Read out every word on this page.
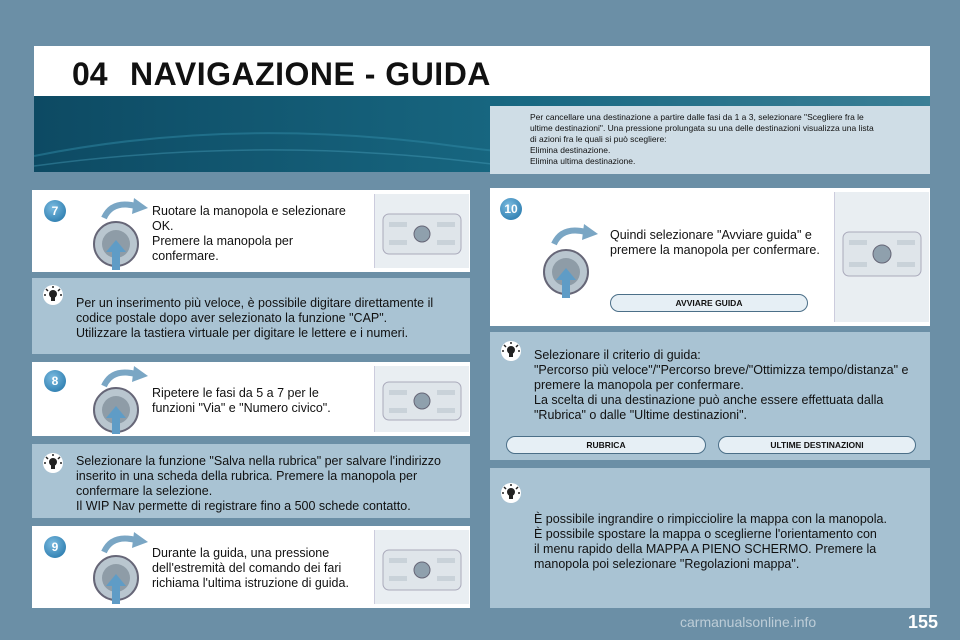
04 NAVIGAZIONE - GUIDA
Per cancellare una destinazione a partire dalle fasi da 1 a 3, selezionare "Scegliere fra le
ultime destinazioni". Una pressione prolungata su una delle destinazioni visualizza una lista
di azioni fra le quali si può scegliere:
Elimina destinazione.
Elimina ultima destinazione.
7	Ruotare la manopola e selezionare
OK.
Premere la manopola per
confermare.
Per un inserimento più veloce, è possibile digitare direttamente il
codice postale dopo aver selezionato la funzione "CAP".
Utilizzare la tastiera virtuale per digitare le lettere e i numeri.
8
Ripetere le fasi da 5 a 7 per le
funzioni "Via" e "Numero civico".
Selezionare la funzione "Salva nella rubrica" per salvare l'indirizzo
inserito in una scheda della rubrica. Premere la manopola per
confermare la selezione.
Il WIP Nav permette di registrare fino a 500 schede contatto.
9	Durante la guida, una pressione
dell'estremità del comando dei fari
richiama l'ultima istruzione di guida.
10
Quindi selezionare "Avviare guida" e
premere la manopola per confermare.
AVVIARE GUIDA
Selezionare il criterio di guida:
"Percorso più veloce"/"Percorso breve/"Ottimizza tempo/distanza" e
premere la manopola per confermare.
La scelta di una destinazione può anche essere effettuata dalla
"Rubrica" o dalle "Ultime destinazioni".
RUBRICA	ULTIME DESTINAZIONI
È possibile ingrandire o rimpicciolire la mappa con la manopola.
È possibile spostare la mappa o sceglierne l'orientamento con
il menu rapido della MAPPA A PIENO SCHERMO. Premere la
manopola poi selezionare "Regolazioni mappa".
carmanualsonline.info	155
